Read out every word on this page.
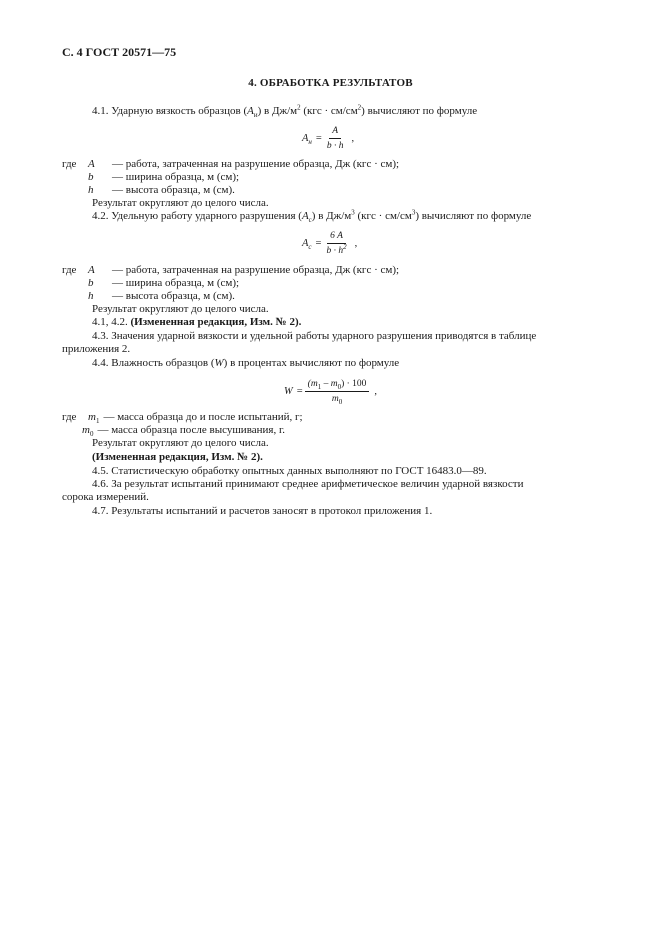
С. 4 ГОСТ 20571—75
4. ОБРАБОТКА РЕЗУЛЬТАТОВ
4.1. Ударную вязкость образцов $(A_и)$ в $Дж/м^2$ $(кгс \cdot см/см^2)$ вычисляют по формуле
$A_н = \frac{A}{b \cdot h}$ ,
где A — работа, затраченная на разрушение образца, Дж (кгс · см);
b — ширина образца, м (см);
h — высота образца, м (см).
Результат округляют до целого числа.
4.2. Удельную работу ударного разрушения $(A_с)$ в $Дж/м^3$ $(кгс \cdot см/см^3)$ вычисляют по формуле
$A_с = \frac{6 A}{b \cdot h^2}$ ,
где A — работа, затраченная на разрушение образца, Дж (кгс · см);
b — ширина образца, м (см);
h — высота образца, м (см).
Результат округляют до целого числа.
4.1, 4.2. (Измененная редакция, Изм. № 2).
4.3. Значения ударной вязкости и удельной работы ударного разрушения приводятся в таблице
приложения 2.
4.4. Влажность образцов (W) в процентах вычисляют по формуле
$W = \frac{(m_1 - m_0) \cdot 100}{m_0}$ ,
где $m_1$ — масса образца до и после испытаний, г;
$m_0$ — масса образца после высушивания, г.
Результат округляют до целого числа.
(Измененная редакция, Изм. № 2).
4.5. Статистическую обработку опытных данных выполняют по ГОСТ 16483.0—89.
4.6. За результат испытаний принимают среднее арифметическое величин ударной вязкости
сорока измерений.
4.7. Результаты испытаний и расчетов заносят в протокол приложения 1.
